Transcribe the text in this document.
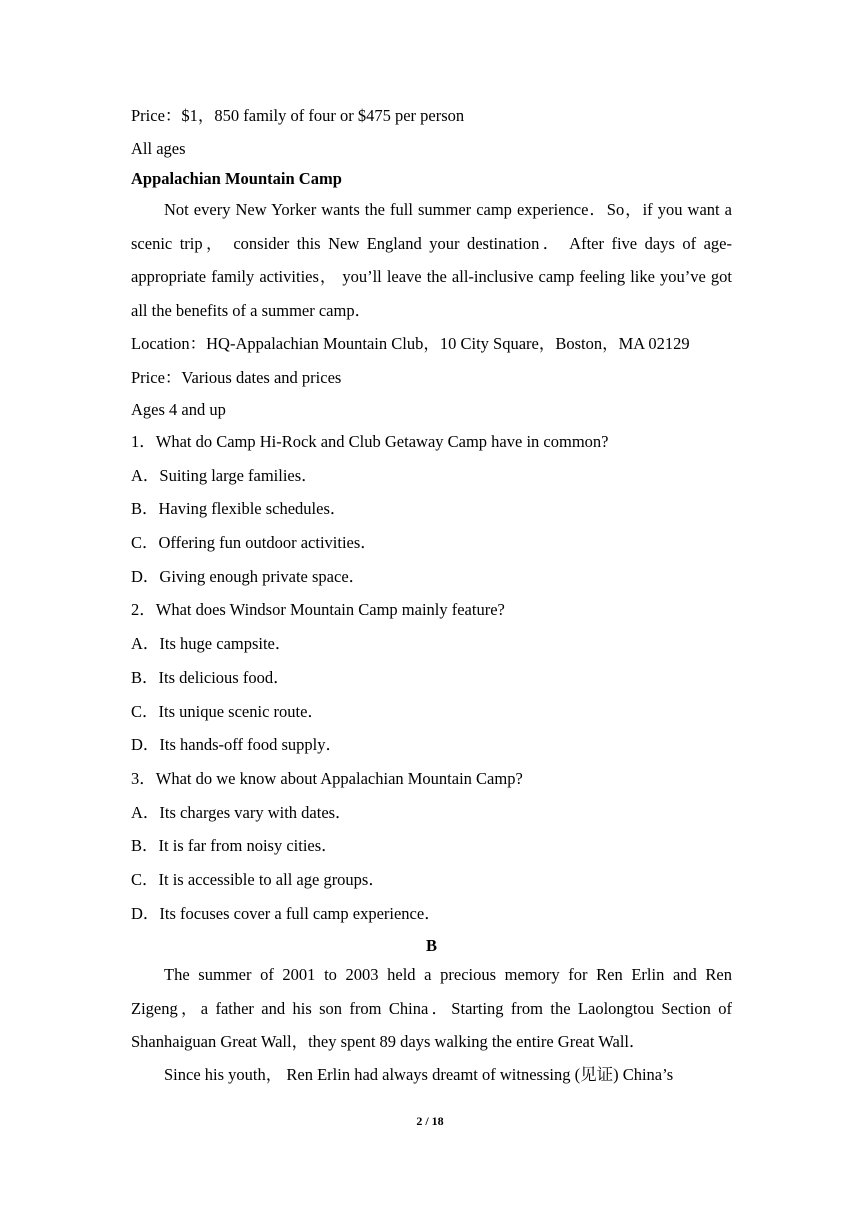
Price：$1，850 family of four or $475 per person
All ages
Appalachian Mountain Camp
Not every New Yorker wants the full summer camp experience．So，if you want a scenic trip， consider this New England your destination． After five days of age-appropriate family activities， you’ll leave the all-inclusive camp feeling like you’ve got all the benefits of a summer camp．
Location：HQ-Appalachian Mountain Club，10 City Square，Boston，MA 02129
Price：Various dates and prices
Ages 4 and up
1．What do Camp Hi-Rock and Club Getaway Camp have in common?
A．Suiting large families．
B．Having flexible schedules．
C．Offering fun outdoor activities．
D．Giving enough private space．
2．What does Windsor Mountain Camp mainly feature?
A．Its huge campsite．
B．Its delicious food．
C．Its unique scenic route．
D．Its hands-off food supply．
3．What do we know about Appalachian Mountain Camp?
A．Its charges vary with dates．
B．It is far from noisy cities．
C．It is accessible to all age groups．
D．Its focuses cover a full camp experience．
B
The summer of 2001 to 2003 held a precious memory for Ren Erlin and Ren Zigeng，a father and his son from China．Starting from the Laolongtou Section of Shanhaiguan Great Wall，they spent 89 days walking the entire Great Wall．
Since his youth， Ren Erlin had always dreamt of witnessing (见证) China’s
2 / 18
